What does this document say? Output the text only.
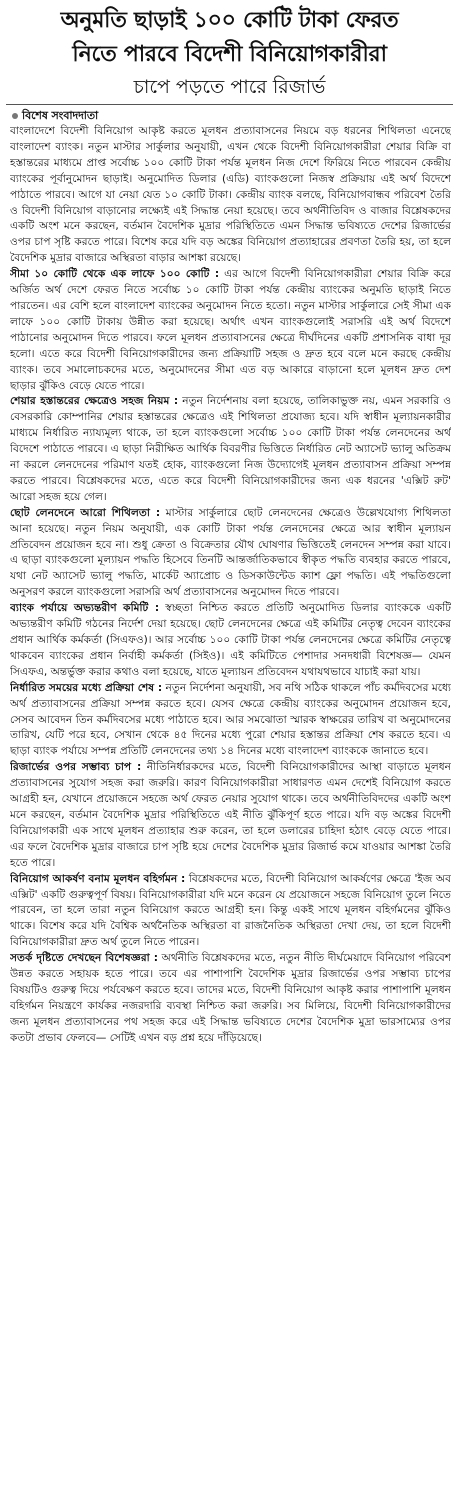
অনুমতি ছাড়াই ১০০ কোটি টাকা ফেরত
নিতে পারবে বিদেশী বিনিয়োগকারীরা
চাপে পড়তে পারে রিজার্ভ
বিশেষ সংবাদদাতা

বাংলাদেশে বিদেশী বিনিয়োগ আকৃষ্ট করতে মূলধন প্রত্যাবাসনের নিয়মে বড় ধরনের শিথিলতা এনেছে বাংলাদেশ ব্যাংক। নতুন মাস্টার সার্কুলার অনুযায়ী, এখন থেকে বিদেশী বিনিয়োগকারীরা শেয়ার বিক্রি বা হস্তান্তরের মাধ্যমে প্রাপ্ত সর্বোচ্চ ১০০ কোটি টাকা পর্যন্ত মূলধন নিজ দেশে ফিরিয়ে নিতে পারবেন কেন্দ্রীয় ব্যাংকের পূর্বানুমোদন ছাড়াই। অনুমোদিত ডিলার (এডি) ব্যাংকগুলো নিজস্ব প্রক্রিয়ায় এই অর্থ বিদেশে পাঠাতে পারবে। আগে যা নেয়া যেত ১০ কোটি টাকা। কেন্দ্রীয় ব্যাংক বলছে, বিনিয়োগবান্ধব পরিবেশ তৈরি ও বিদেশী বিনিয়োগ বাড়ানোর লক্ষ্যেই এই সিদ্ধান্ত নেয়া হয়েছে। তবে অর্থনীতিবিদ ও বাজার বিশ্লেষকদের একটি অংশ মনে করছেন, বর্তমান বৈদেশিক মুদ্রার পরিস্থিতিতে এমন সিদ্ধান্ত ভবিষ্যতে দেশের রিজার্ভের ওপর চাপ সৃষ্টি করতে পারে। বিশেষ করে যদি বড় অঙ্কের বিনিয়োগ প্রত্যাহারের প্রবণতা তৈরি হয়, তা হলে বৈদেশিক মুদ্রার বাজারে অস্থিরতা বাড়ার আশঙ্কা রয়েছে।

সীমা ১০ কোটি থেকে এক লাফে ১০০ কোটি : এর আগে বিদেশী বিনিয়োগকারীরা শেয়ার বিক্রি করে অর্জিত অর্থ দেশে ফেরত নিতে সর্বোচ্চ ১০ কোটি টাকা পর্যন্ত কেন্দ্রীয় ব্যাংকের অনুমতি ছাড়াই নিতে পারতেন। এর বেশি হলে বাংলাদেশ ব্যাংকের অনুমোদন নিতে হতো। নতুন মাস্টার সার্কুলারে সেই সীমা এক লাফে ১০০ কোটি টাকায় উন্নীত করা হয়েছে। অর্থাৎ এখন ব্যাংকগুলোই সরাসরি এই অর্থ বিদেশে পাঠানোর অনুমোদন দিতে পারবে। ফলে মূলধন প্রত্যাবাসনের ক্ষেত্রে দীর্ঘদিনের একটি প্রশাসনিক বাধা দূর হলো। এতে করে বিদেশী বিনিয়োগকারীদের জন্য প্রক্রিয়াটি সহজ ও দ্রুত হবে বলে মনে করছে কেন্দ্রীয় ব্যাংক। তবে সমালোচকদের মতে, অনুমোদনের সীমা এত বড় আকারে বাড়ানো হলে মূলধন দ্রুত দেশ ছাড়ার ঝুঁকিও বেড়ে যেতে পারে।

শেয়ার হস্তান্তরের ক্ষেত্রেও সহজ নিয়ম : নতুন নির্দেশনায় বলা হয়েছে, তালিকাভুক্ত নয়, এমন সরকারি ও বেসরকারি কোম্পানির শেয়ার হস্তান্তরের ক্ষেত্রেও এই শিথিলতা প্রযোজ্য হবে। যদি স্বাধীন মূল্যায়নকারীর মাধ্যমে নির্ধারিত ন্যায্যমূল্য থাকে, তা হলে ব্যাংকগুলো সর্বোচ্চ ১০০ কোটি টাকা পর্যন্ত লেনদেনের অর্থ বিদেশে পাঠাতে পারবে। এ ছাড়া নিরীক্ষিত আর্থিক বিবরণীর ভিত্তিতে নির্ধারিত নেট অ্যাসেট ভ্যালু অতিক্রম না করলে লেনদেনের পরিমাণ যতই হোক, ব্যাংকগুলো নিজ উদ্যোগেই মূলধন প্রত্যাবাসন প্রক্রিয়া সম্পন্ন করতে পারবে। বিশ্লেষকদের মতে, এতে করে বিদেশী বিনিয়োগকারীদের জন্য এক ধরনের 'এক্সিট রুট' আরো সহজ হয়ে গেল।

ছোট লেনদেনে আরো শিথিলতা : মাস্টার সার্কুলারে ছোট লেনদেনের ক্ষেত্রেও উল্লেখযোগ্য শিথিলতা আনা হয়েছে। নতুন নিয়ম অনুযায়ী, এক কোটি টাকা পর্যন্ত লেনদেনের ক্ষেত্রে আর স্বাধীন মূল্যায়ন প্রতিবেদন প্রয়োজন হবে না। শুধু ক্রেতা ও বিক্রেতার যৌথ ঘোষণার ভিত্তিতেই লেনদেন সম্পন্ন করা যাবে। এ ছাড়া ব্যাংকগুলো মূল্যায়ন পদ্ধতি হিসেবে তিনটি আন্তর্জাতিকভাবে স্বীকৃত পদ্ধতি ব্যবহার করতে পারবে, যথা নেট অ্যাসেট ভ্যালু পদ্ধতি, মার্কেট অ্যাপ্রোচ ও ডিসকাউন্টেড ক্যাশ ফ্লো পদ্ধতি। এই পদ্ধতিগুলো অনুসরণ করলে ব্যাংকগুলো সরাসরি অর্থ প্রত্যাবাসনের অনুমোদন দিতে পারবে।

ব্যাংক পর্যায়ে অভ্যন্তরীণ কমিটি : স্বচ্ছতা নিশ্চিত করতে প্রতিটি অনুমোদিত ডিলার ব্যাংককে একটি অভ্যন্তরীণ কমিটি গঠনের নির্দেশ দেয়া হয়েছে। ছোট লেনদেনের ক্ষেত্রে এই কমিটির নেতৃত্ব দেবেন ব্যাংকের প্রধান আর্থিক কর্মকর্তা (সিএফও)। আর সর্বোচ্চ ১০০ কোটি টাকা পর্যন্ত লেনদেনের ক্ষেত্রে কমিটির নেতৃত্বে থাকবেন ব্যাংকের প্রধান নির্বাহী কর্মকর্তা (সিইও)। এই কমিটিতে পেশাদার সনদধারী বিশেষজ্ঞ— যেমন সিএফএ, অন্তর্ভুক্ত করার কথাও বলা হয়েছে, যাতে মূল্যায়ন প্রতিবেদন যথাযথভাবে যাচাই করা যায়।

নির্ধারিত সময়ের মধ্যে প্রক্রিয়া শেষ : নতুন নির্দেশনা অনুযায়ী, সব নথি সঠিক থাকলে পাঁচ কর্মদিবসের মধ্যে অর্থ প্রত্যাবাসনের প্রক্রিয়া সম্পন্ন করতে হবে। যেসব ক্ষেত্রে কেন্দ্রীয় ব্যাংকের অনুমোদন প্রয়োজন হবে, সেসব আবেদন তিন কর্মদিবসের মধ্যে পাঠাতে হবে। আর সমঝোতা স্মারক স্বাক্ষরের তারিখ বা অনুমোদনের তারিখ, যেটি পরে হবে, সেখান থেকে ৪৫ দিনের মধ্যে পুরো শেয়ার হস্তান্তর প্রক্রিয়া শেষ করতে হবে। এ ছাড়া ব্যাংক পর্যায়ে সম্পন্ন প্রতিটি লেনদেনের তথ্য ১৪ দিনের মধ্যে বাংলাদেশ ব্যাংককে জানাতে হবে।

রিজার্ভের ওপর সম্ভাব্য চাপ : নীতিনির্ধারকদের মতে, বিদেশী বিনিয়োগকারীদের আস্থা বাড়াতে মূলধন প্রত্যাবাসনের সুযোগ সহজ করা জরুরি। কারণ বিনিয়োগকারীরা সাধারণত এমন দেশেই বিনিয়োগ করতে আগ্রহী হন, যেখানে প্রয়োজনে সহজে অর্থ ফেরত নেয়ার সুযোগ থাকে। তবে অর্থনীতিবিদদের একটি অংশ মনে করছেন, বর্তমান বৈদেশিক মুদ্রার পরিস্থিতিতে এই নীতি ঝুঁকিপূর্ণ হতে পারে। যদি বড় অঙ্কের বিদেশী বিনিয়োগকারী এক সাথে মূলধন প্রত্যাহার শুরু করেন, তা হলে ডলারের চাহিদা হঠাৎ বেড়ে যেতে পারে। এর ফলে বৈদেশিক মুদ্রার বাজারে চাপ সৃষ্টি হয়ে দেশের বৈদেশিক মুদ্রার রিজার্ভ কমে যাওয়ার আশঙ্কা তৈরি হতে পারে।

বিনিয়োগ আকর্ষণ বনাম মূলধন বহির্গমন : বিশ্লেষকদের মতে, বিদেশী বিনিয়োগ আকর্ষণের ক্ষেত্রে 'ইজ অব এক্সিট' একটি গুরুত্বপূর্ণ বিষয়। বিনিয়োগকারীরা যদি মনে করেন যে প্রয়োজনে সহজে বিনিয়োগ তুলে নিতে পারবেন, তা হলে তারা নতুন বিনিয়োগ করতে আগ্রহী হন। কিন্তু একই সাথে মূলধন বহির্গমনের ঝুঁকিও থাকে। বিশেষ করে যদি বৈশ্বিক অর্থনৈতিক অস্থিরতা বা রাজনৈতিক অস্থিরতা দেখা দেয়, তা হলে বিদেশী বিনিয়োগকারীরা দ্রুত অর্থ তুলে নিতে পারেন।

সতর্ক দৃষ্টিতে দেখছেন বিশেষজ্ঞরা : অর্থনীতি বিশ্লেষকদের মতে, নতুন নীতি দীর্ঘমেয়াদে বিনিয়োগ পরিবেশ উন্নত করতে সহায়ক হতে পারে। তবে এর পাশাপাশি বৈদেশিক মুদ্রার রিজার্ভের ওপর সম্ভাব্য চাপের বিষয়টিও গুরুত্ব দিয়ে পর্যবেক্ষণ করতে হবে। তাদের মতে, বিদেশী বিনিয়োগ আকৃষ্ট করার পাশাপাশি মূলধন বহির্গমন নিয়ন্ত্রণে কার্যকর নজরদারি ব্যবস্থা নিশ্চিত করা জরুরি। সব মিলিয়ে, বিদেশী বিনিয়োগকারীদের জন্য মূলধন প্রত্যাবাসনের পথ সহজ করে এই সিদ্ধান্ত ভবিষ্যতে দেশের বৈদেশিক মুদ্রা ভারসাম্যের ওপর কতটা প্রভাব ফেলবে— সেটিই এখন বড় প্রশ্ন হয়ে দাঁড়িয়েছে।
